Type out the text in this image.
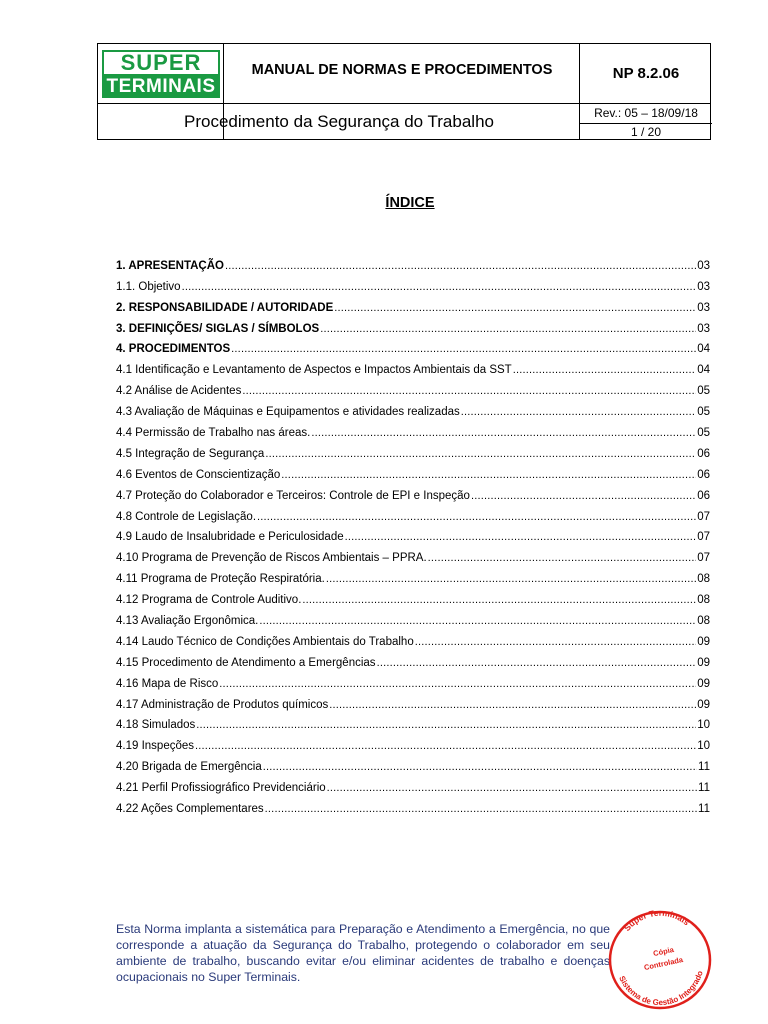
SUPER
TERMINAIS
MANUAL DE NORMAS E PROCEDIMENTOS	NP 8.2.06
Procedimento da Segurança do Trabalho	Rev.: 05 – 18/09/18
1 / 20
ÍNDICE
1. APRESENTAÇÃO .....	03
1.1. Objetivo .....	03
2. RESPONSABILIDADE / AUTORIDADE .....	03
3. DEFINIÇÕES/ SIGLAS / SÍMBOLOS .....	03
4. PROCEDIMENTOS .....	04
4.1 Identificação e Levantamento de Aspectos e Impactos Ambientais da SST .....	04
4.2 Análise de Acidentes .....	05
4.3 Avaliação de Máquinas e Equipamentos e atividades realizadas .....	05
4.4 Permissão de Trabalho nas áreas. .....	05
4.5 Integração de Segurança .....	06
4.6 Eventos de Conscientização .....	06
4.7 Proteção do Colaborador e Terceiros: Controle de EPI e Inspeção .....	06
4.8 Controle de Legislação. .....	07
4.9 Laudo de Insalubridade e Periculosidade .....	07
4.10 Programa de Prevenção de Riscos Ambientais – PPRA. .....	07
4.11 Programa de Proteção Respiratória. .....	08
4.12 Programa de Controle Auditivo. .....	08
4.13 Avaliação Ergonômica. .....	08
4.14 Laudo Técnico de Condições Ambientais do Trabalho .....	09
4.15 Procedimento de Atendimento a Emergências .....	09
4.16 Mapa de Risco .....	09
4.17 Administração de Produtos químicos .....	09
4.18 Simulados .....	10
4.19 Inspeções .....	10
4.20 Brigada de Emergência .....	11
4.21 Perfil Profissiográfico Previdenciário .....	11
4.22 Ações Complementares .....	11
Esta Norma implanta a sistemática para Preparação e Atendimento a Emergência, no que corresponde a atuação da Segurança do Trabalho, protegendo o colaborador em seu ambiente de trabalho, buscando evitar e/ou eliminar acidentes de trabalho e doenças ocupacionais no Super Terminais.
Super Terminais
Cópia
Controlada
Sistema de Gestão Integrado
